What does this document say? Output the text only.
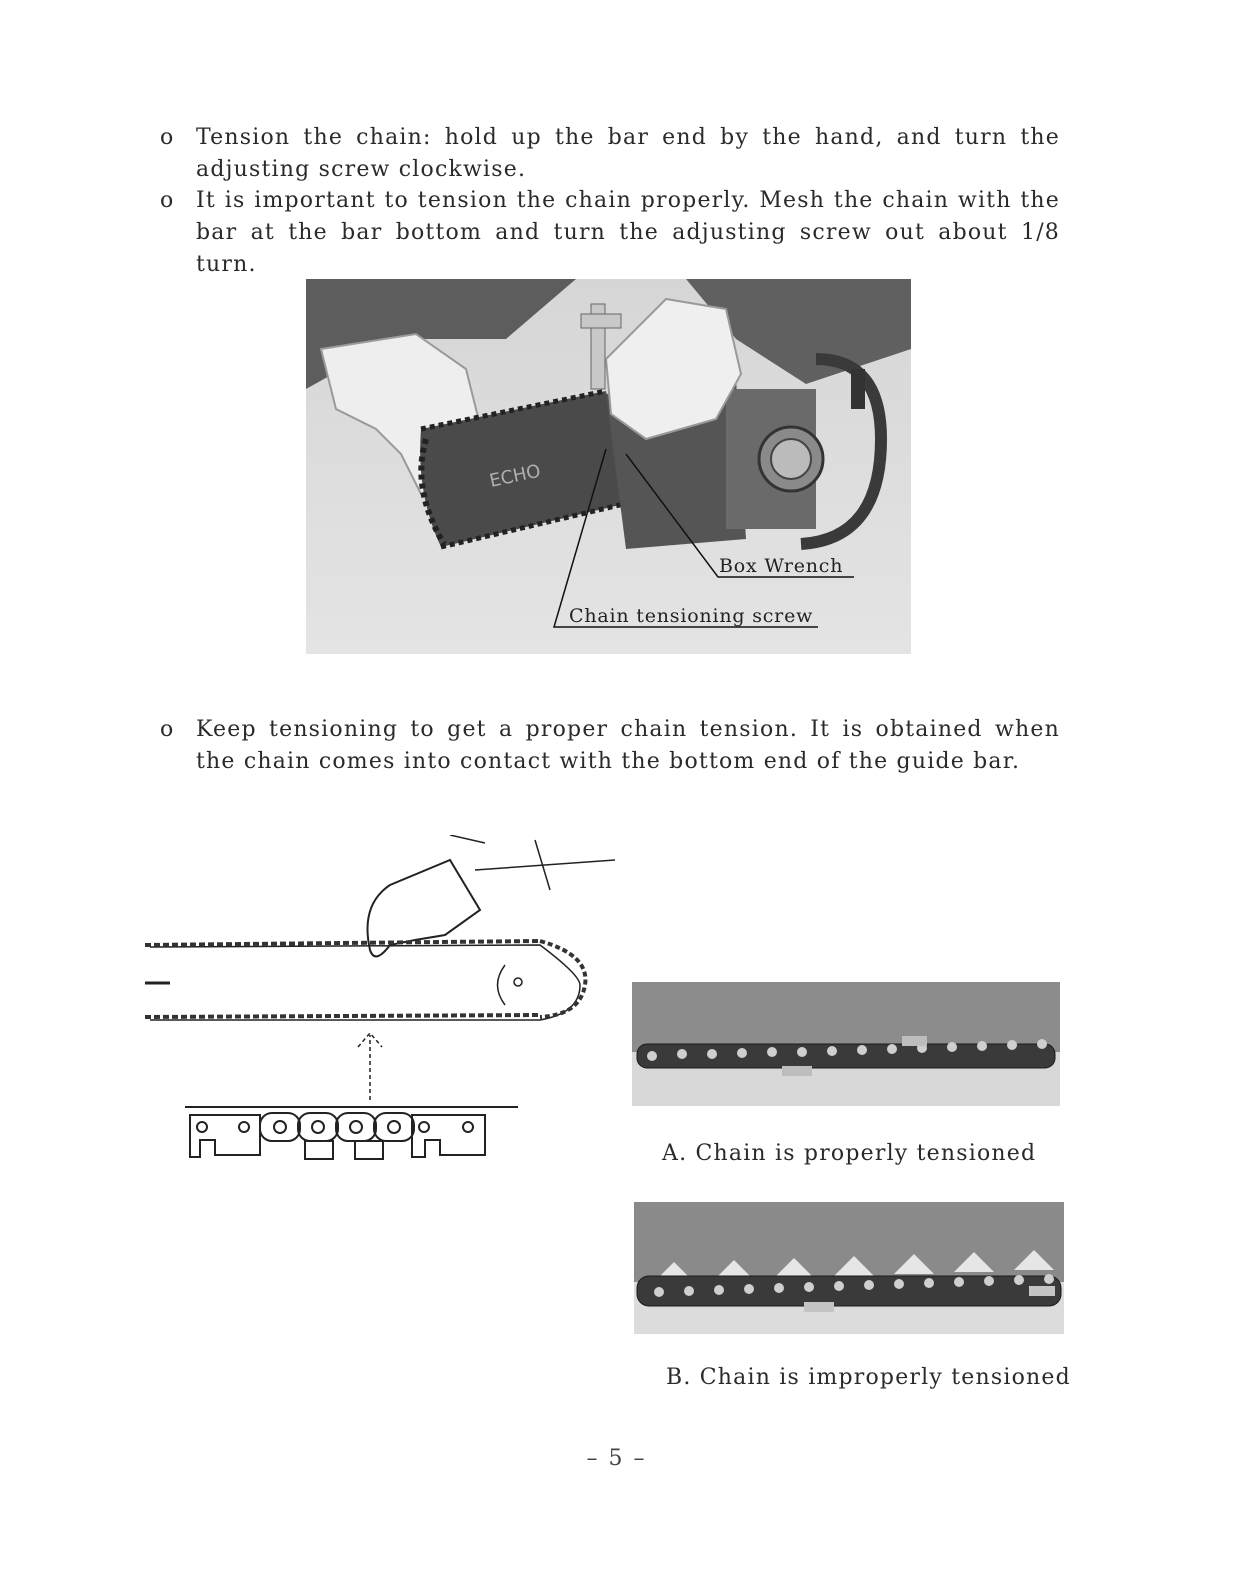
o Tension the chain: hold up the bar end by the hand, and turn the adjusting screw clockwise.
o It is important to tension the chain properly. Mesh the chain with the bar at the bar bottom and turn the adjusting screw out about 1/8 turn.
ECHO
Box Wrench
Chain tensioning screw
o Keep tensioning to get a proper chain tension. It is obtained when the chain comes into contact with the bottom end of the guide bar.
A. Chain is properly tensioned
B. Chain is improperly tensioned
– 5 –
